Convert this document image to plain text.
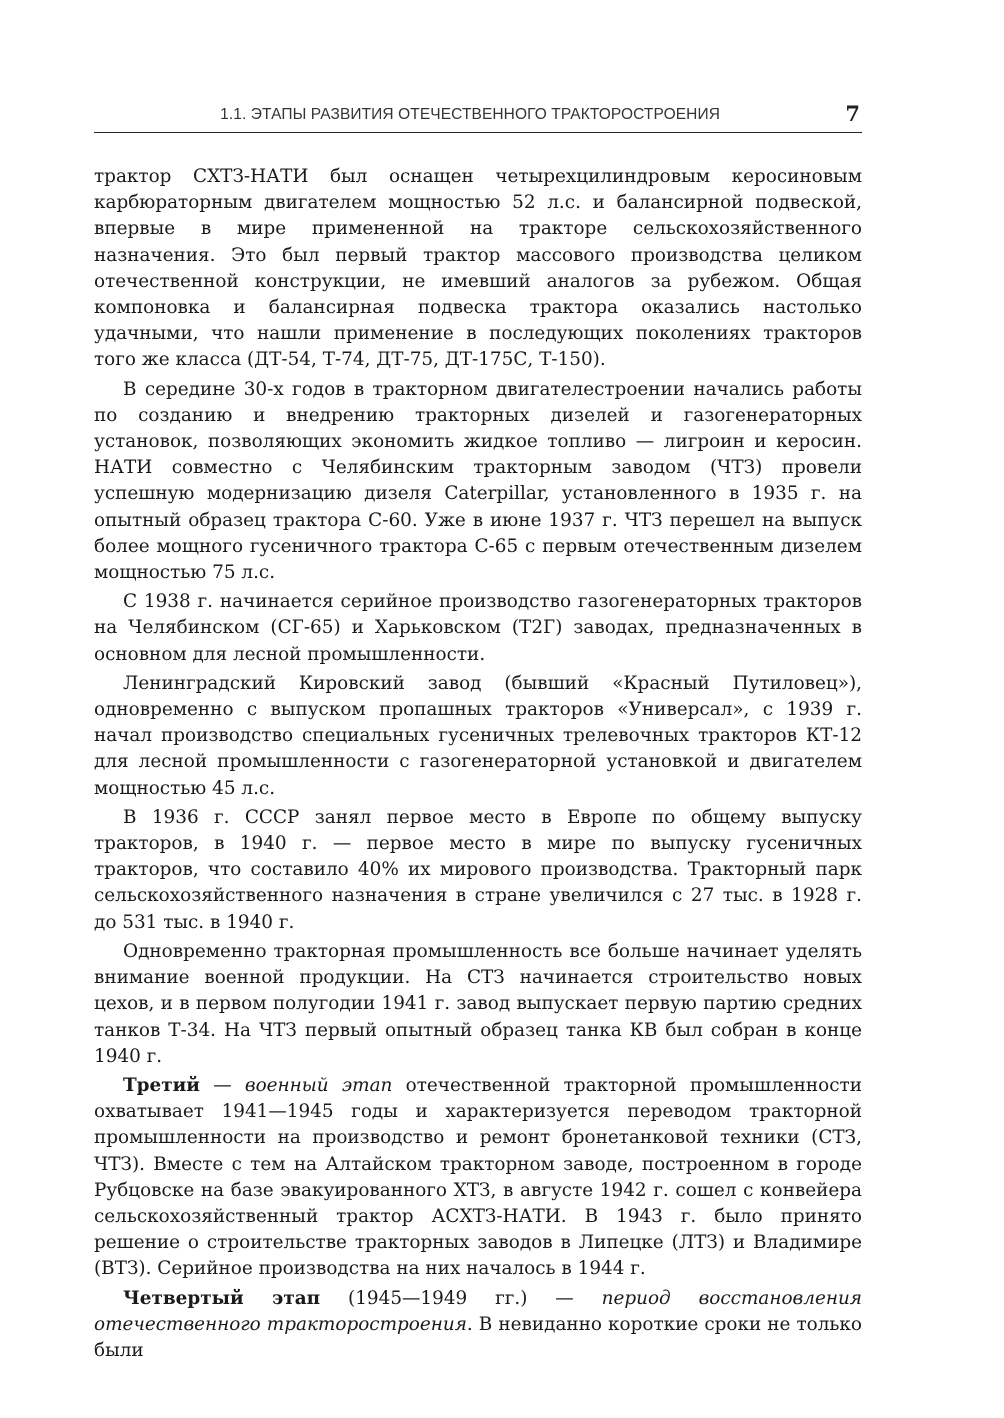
1.1. ЭТАПЫ РАЗВИТИЯ ОТЕЧЕСТВЕННОГО ТРАКТОРОСТРОЕНИЯ	7

трактор СХТЗ-НАТИ был оснащен четырехцилиндровым керосиновым карбюраторным двигателем мощностью 52 л.с. и балансирной подвеской, впервые в мире примененной на тракторе сельскохозяйственного назначения. Это был первый трактор массового производства целиком отечественной конструкции, не имевший аналогов за рубежом. Общая компоновка и балансирная подвеска трактора оказались настолько удачными, что нашли применение в последующих поколениях тракторов того же класса (ДТ-54, Т-74, ДТ-75, ДТ-175С, Т-150).

В середине 30-х годов в тракторном двигателестроении начались работы по созданию и внедрению тракторных дизелей и газогенераторных установок, позволяющих экономить жидкое топливо — лигроин и керосин. НАТИ совместно с Челябинским тракторным заводом (ЧТЗ) провели успешную модернизацию дизеля Caterpillar, установленного в 1935 г. на опытный образец трактора С-60. Уже в июне 1937 г. ЧТЗ перешел на выпуск более мощного гусеничного трактора С-65 с первым отечественным дизелем мощностью 75 л.с.

С 1938 г. начинается серийное производство газогенераторных тракторов на Челябинском (СГ-65) и Харьковском (Т2Г) заводах, предназначенных в основном для лесной промышленности.

Ленинградский Кировский завод (бывший «Красный Путиловец»), одновременно с выпуском пропашных тракторов «Универсал», с 1939 г. начал производство специальных гусеничных трелевочных тракторов КТ-12 для лесной промышленности с газогенераторной установкой и двигателем мощностью 45 л.с.

В 1936 г. СССР занял первое место в Европе по общему выпуску тракторов, в 1940 г. — первое место в мире по выпуску гусеничных тракторов, что составило 40% их мирового производства. Тракторный парк сельскохозяйственного назначения в стране увеличился с 27 тыс. в 1928 г. до 531 тыс. в 1940 г.

Одновременно тракторная промышленность все больше начинает уделять внимание военной продукции. На СТЗ начинается строительство новых цехов, и в первом полугодии 1941 г. завод выпускает первую партию средних танков Т-34. На ЧТЗ первый опытный образец танка КВ был собран в конце 1940 г.

Третий — военный этап отечественной тракторной промышленности охватывает 1941—1945 годы и характеризуется переводом тракторной промышленности на производство и ремонт бронетанковой техники (СТЗ, ЧТЗ). Вместе с тем на Алтайском тракторном заводе, построенном в городе Рубцовске на базе эвакуированного ХТЗ, в августе 1942 г. сошел с конвейера сельскохозяйственный трактор АСХТЗ-НАТИ. В 1943 г. было принято решение о строительстве тракторных заводов в Липецке (ЛТЗ) и Владимире (ВТЗ). Серийное производства на них началось в 1944 г.

Четвертый этап (1945—1949 гг.) — период восстановления отечественного тракторостроения. В невиданно короткие сроки не только были
